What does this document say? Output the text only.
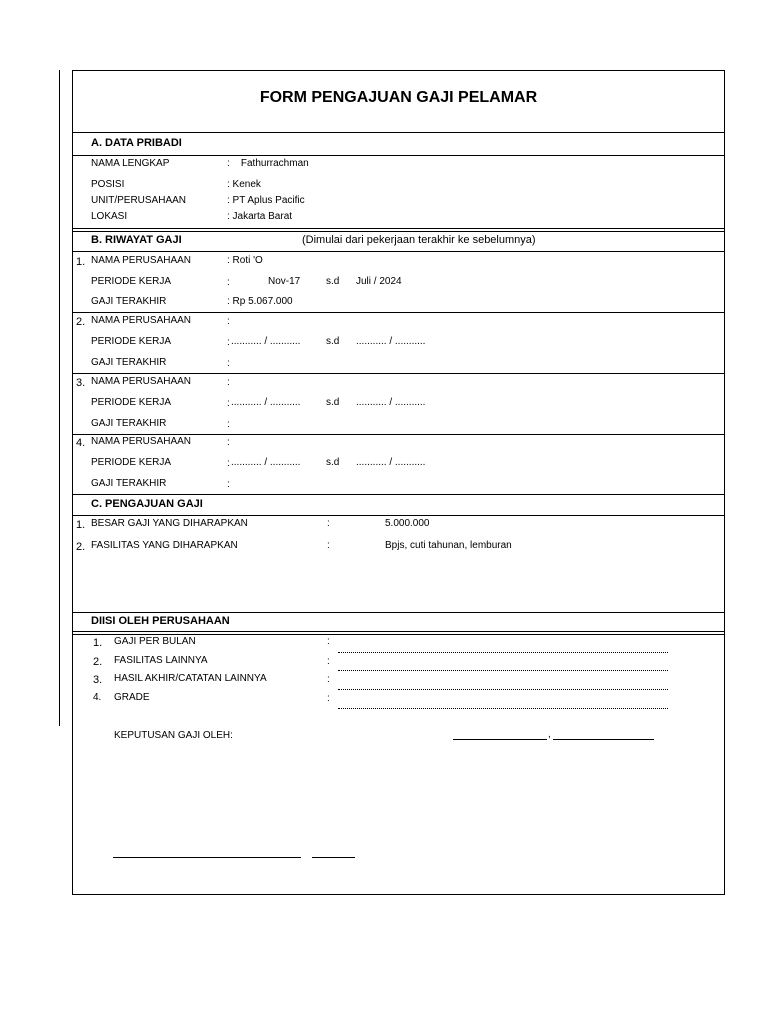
FORM PENGAJUAN GAJI PELAMAR
A. DATA PRIBADI
NAMA LENGKAP	:    Fathurrachman
POSISI	: Kenek
UNIT/PERUSAHAAN	: PT Aplus Pacific
LOKASI	: Jakarta Barat
B. RIWAYAT GAJI	(Dimulai dari pekerjaan terakhir ke sebelumnya)
1. NAMA PERUSAHAAN	: Roti 'O
PERIODE KERJA	:	Nov-17	s.d Juli / 2024
GAJI TERAKHIR	: Rp 5.067.000
2. NAMA PERUSAHAAN	:
PERIODE KERJA	: ........... / ...........	s.d ........... / ...........
GAJI TERAKHIR	:
3. NAMA PERUSAHAAN	:
PERIODE KERJA	: ........... / ...........	s.d ........... / ...........
GAJI TERAKHIR	:
4. NAMA PERUSAHAAN	:
PERIODE KERJA	: ........... / ...........	s.d ........... / ...........
GAJI TERAKHIR	:
C. PENGAJUAN GAJI
1. BESAR GAJI YANG DIHARAPKAN	:	5.000.000
2. FASILITAS YANG DIHARAPKAN	:	Bpjs, cuti tahunan, lemburan
DIISI OLEH PERUSAHAAN
1. GAJI PER BULAN	:
2. FASILITAS LAINNYA	:
3. HASIL AKHIR/CATATAN LAINNYA	:
4. GRADE	:
KEPUTUSAN GAJI OLEH:	,
